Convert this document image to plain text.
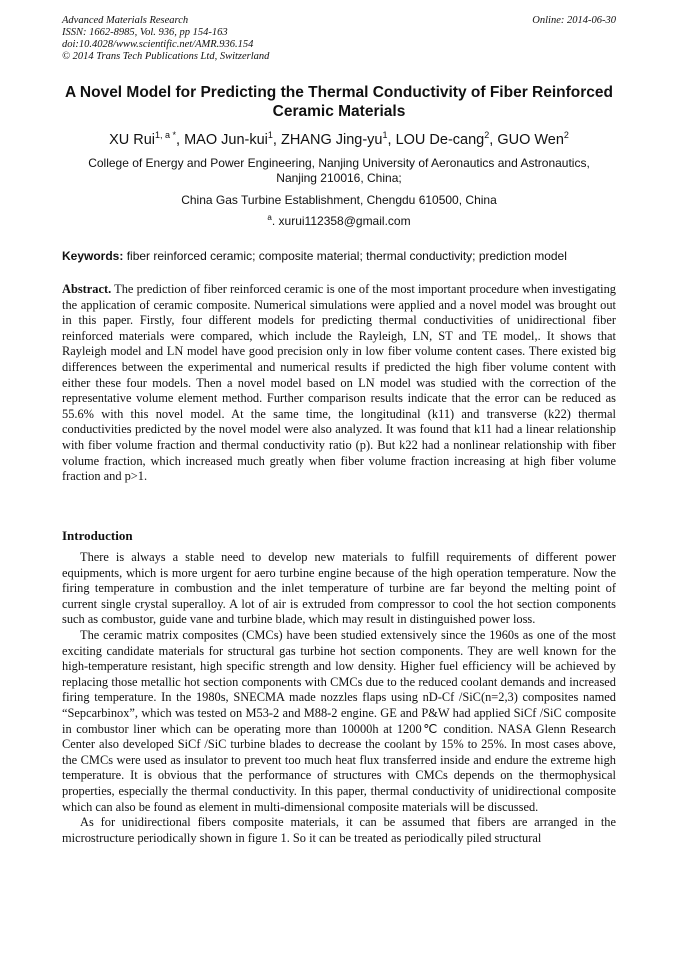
Advanced Materials Research
ISSN: 1662-8985, Vol. 936, pp 154-163
doi:10.4028/www.scientific.net/AMR.936.154
© 2014 Trans Tech Publications Ltd, Switzerland
Online: 2014-06-30
A Novel Model for Predicting the Thermal Conductivity of Fiber Reinforced Ceramic Materials
XU Rui$^{1, a *}$, MAO Jun-kui$^1$, ZHANG Jing-$yu^1$, LOU De-cang$^2$, GUO Wen$^2$
College of Energy and Power Engineering, Nanjing University of Aeronautics and Astronautics,
Nanjing 210016, China;
China Gas Turbine Establishment, Chengdu 610500, China
$^a$. xurui112358@gmail.com
Keywords: fiber reinforced ceramic; composite material; thermal conductivity; prediction model

Abstract. The prediction of fiber reinforced ceramic is one of the most important procedure when investigating the application of ceramic composite. Numerical simulations were applied and a novel model was brought out in this paper. Firstly, four different models for predicting thermal conductivities of unidirectional fiber reinforced materials were compared, which include the Rayleigh, LN, ST and TE model,. It shows that Rayleigh model and LN model have good precision only in low fiber volume content cases. There existed big differences between the experimental and numerical results if predicted the high fiber volume content with either these four models. Then a novel model based on LN model was studied with the correction of the representative volume element method. Further comparison results indicate that the error can be reduced as 55.6% with this novel model. At the same time, the longitudinal (k11) and transverse (k22) thermal conductivities predicted by the novel model were also analyzed. It was found that k11 had a linear relationship with fiber volume fraction and thermal conductivity ratio (p). But k22 had a nonlinear relationship with fiber volume fraction, which increased much greatly when fiber volume fraction increasing at high fiber volume fraction and p>1.

Introduction

There is always a stable need to develop new materials to fulfill requirements of different power equipments, which is more urgent for aero turbine engine because of the high operation temperature. Now the firing temperature in combustion and the inlet temperature of turbine are far beyond the melting point of current single crystal superalloy. A lot of air is extruded from compressor to cool the hot section components such as combustor, guide vane and turbine blade, which may result in distinguished power loss.

The ceramic matrix composites (CMCs) have been studied extensively since the 1960s as one of the most exciting candidate materials for structural gas turbine hot section components. They are well known for the high-temperature resistant, high specific strength and low density. Higher fuel efficiency will be achieved by replacing those metallic hot section components with CMCs due to the reduced coolant demands and increased firing temperature. In the 1980s, SNECMA made nozzles flaps using nD-Cf /SiC(n=2,3) composites named “Sepcarbinox”, which was tested on M53-2 and M88-2 engine. GE and P&W had applied SiCf /SiC composite in combustor liner which can be operating more than 10000h at 1200℃ condition. NASA Glenn Research Center also developed SiCf /SiC turbine blades to decrease the coolant by 15% to 25%. In most cases above, the CMCs were used as insulator to prevent too much heat flux transferred inside and endure the extreme high temperature. It is obvious that the performance of structures with CMCs depends on the thermophysical properties, especially the thermal conductivity. In this paper, thermal conductivity of unidirectional composite which can also be found as element in multi-dimensional composite materials will be discussed.

As for unidirectional fibers composite materials, it can be assumed that fibers are arranged in the microstructure periodically shown in figure 1. So it can be treated as periodically piled structural
